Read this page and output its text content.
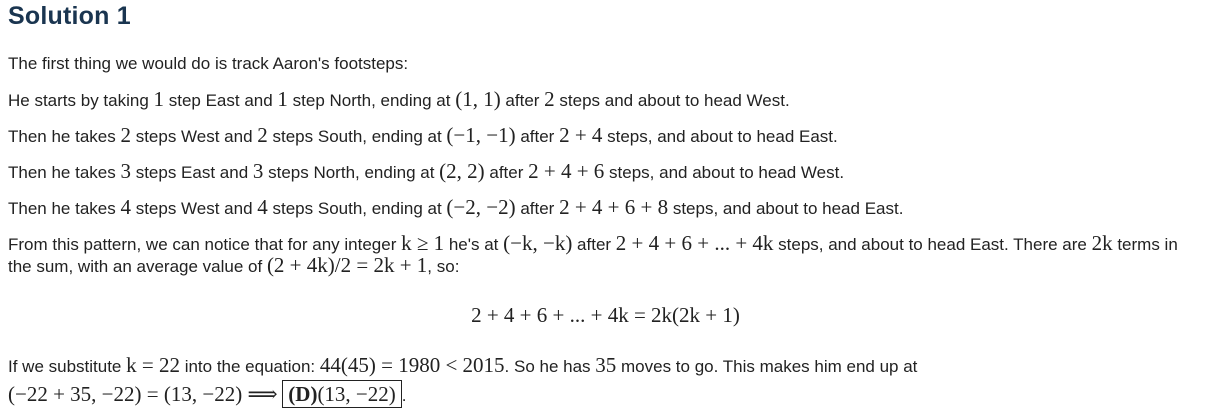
Solution 1

The first thing we would do is track Aaron's footsteps:

He starts by taking 1 step East and 1 step North, ending at (1, 1) after 2 steps and about to head West.

Then he takes 2 steps West and 2 steps South, ending at (−1, −1) after 2 + 4 steps, and about to head East.

Then he takes 3 steps East and 3 steps North, ending at (2, 2) after 2 + 4 + 6 steps, and about to head West.

Then he takes 4 steps West and 4 steps South, ending at (−2, −2) after 2 + 4 + 6 + 8 steps, and about to head East.

From this pattern, we can notice that for any integer k ≥ 1 he's at (−k, −k) after 2 + 4 + 6 + ... + 4k steps, and about to head East. There are 2k terms in the sum, with an average value of (2 + 4k)/2 = 2k + 1, so:

2 + 4 + 6 + ... + 4k = 2k(2k + 1)

If we substitute k = 22 into the equation: 44(45) = 1980 < 2015. So he has 35 moves to go. This makes him end up at
(−22 + 35, −22) = (13, −22) ⟹ (D)(13, −22) .
